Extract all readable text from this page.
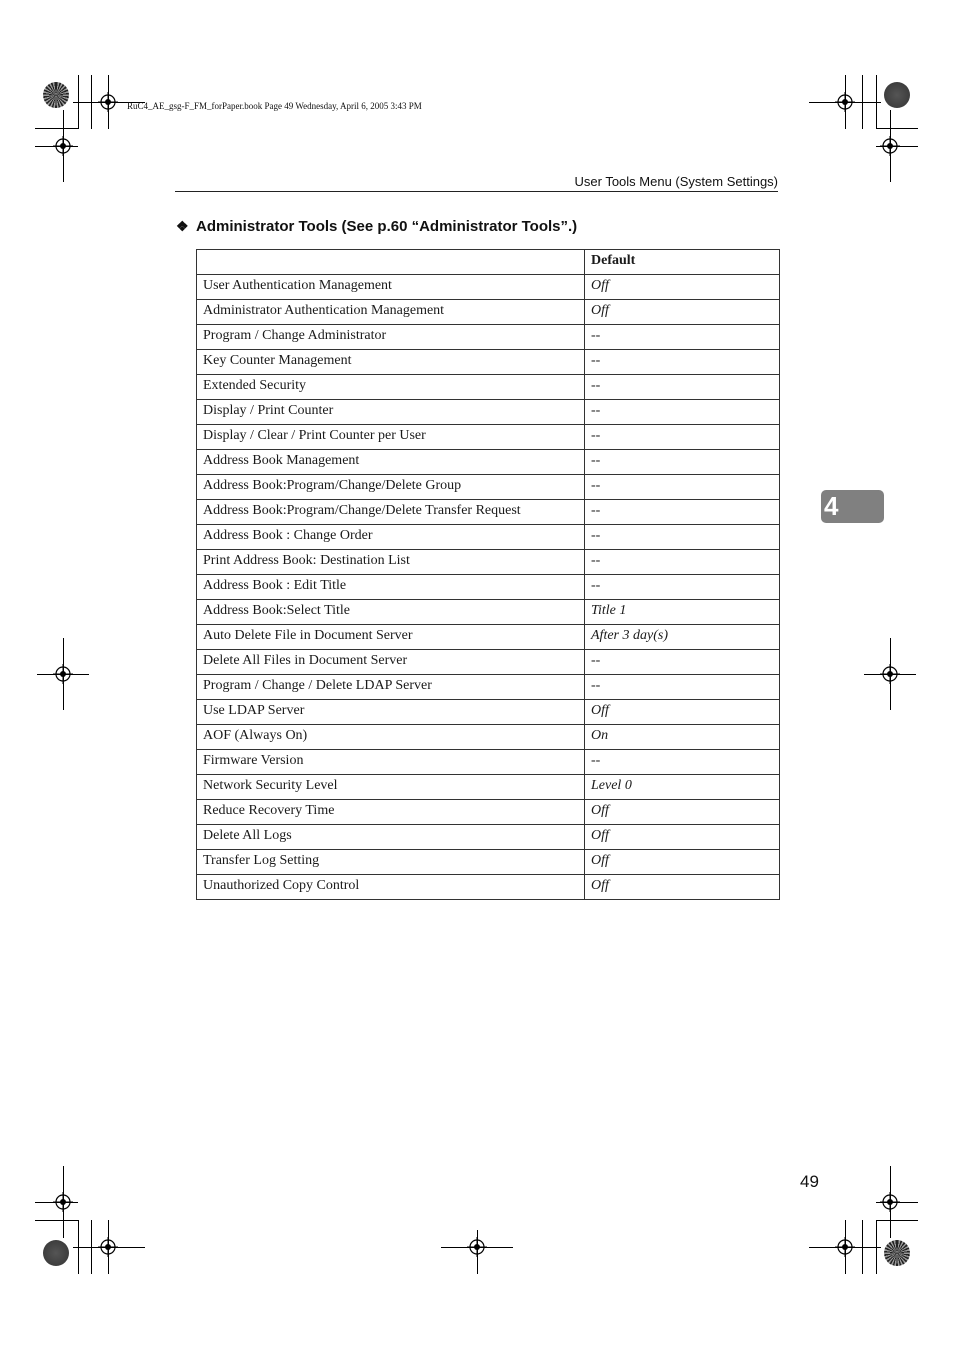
RuC4_AE_gsg-F_FM_forPaper.book Page 49 Wednesday, April 6, 2005 3:43 PM
User Tools Menu (System Settings)
❖ Administrator Tools (See p.60 “Administrator Tools”.)
	Default
User Authentication Management	Off
Administrator Authentication Management	Off
Program / Change Administrator	--
Key Counter Management	--
Extended Security	--
Display / Print Counter	--
Display / Clear / Print Counter per User	--
Address Book Management	--
Address Book:Program/Change/Delete Group	--
Address Book:Program/Change/Delete Transfer Request	--
Address Book : Change Order	--
Print Address Book: Destination List	--
Address Book : Edit Title	--
Address Book:Select Title	Title 1
Auto Delete File in Document Server	After 3 day(s)
Delete All Files in Document Server	--
Program / Change / Delete LDAP Server	--
Use LDAP Server	Off
AOF (Always On)	On
Firmware Version	--
Network Security Level	Level 0
Reduce Recovery Time	Off
Delete All Logs	Off
Transfer Log Setting	Off
Unauthorized Copy Control	Off
4
49
